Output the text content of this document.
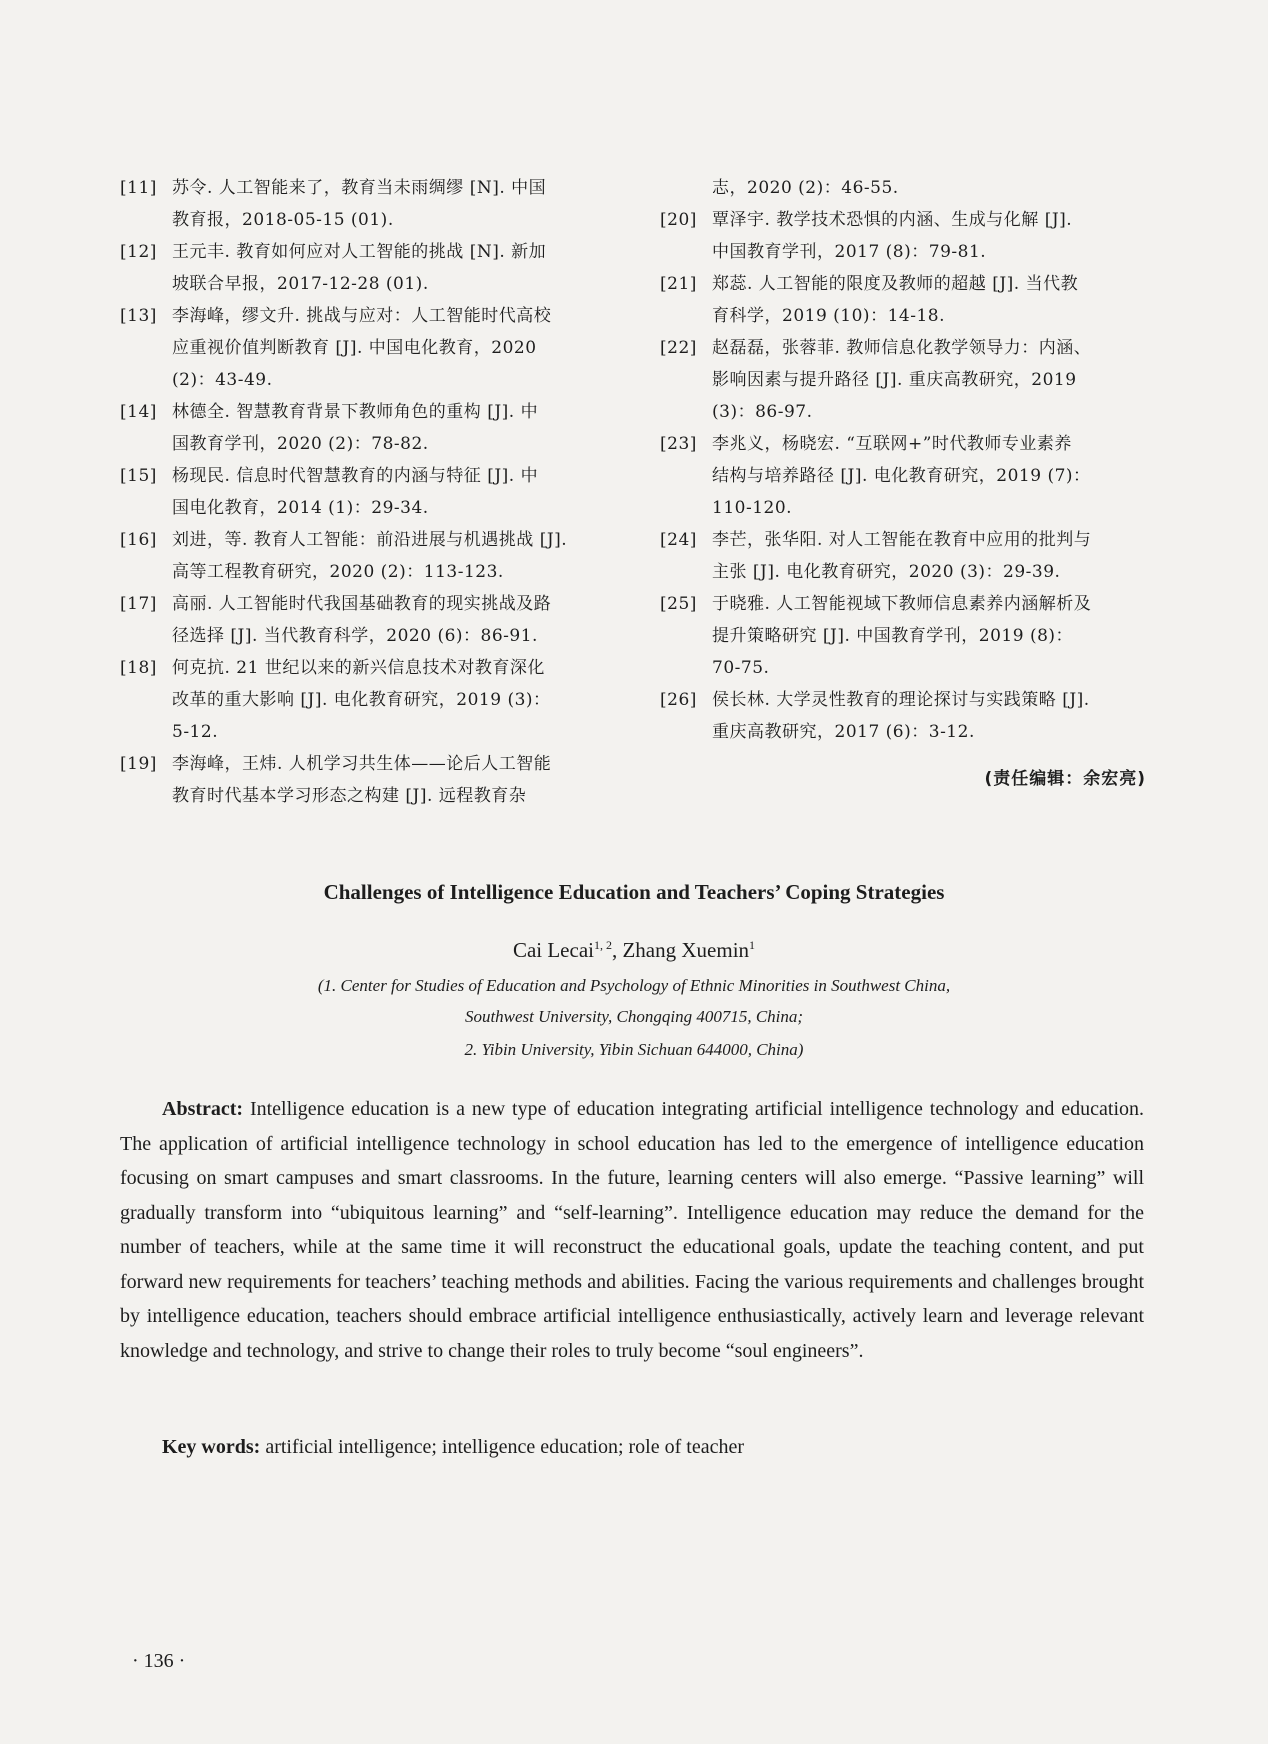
[11] 苏令. 人工智能来了，教育当未雨绸缪 [N]. 中国
教育报，2018-05-15 (01).

[12] 王元丰. 教育如何应对人工智能的挑战 [N]. 新加
坡联合早报，2017-12-28 (01).

[13] 李海峰，缪文升. 挑战与应对：人工智能时代高校
应重视价值判断教育 [J]. 中国电化教育，2020
(2)：43-49.

[14] 林德全. 智慧教育背景下教师角色的重构 [J]. 中
国教育学刊，2020 (2)：78-82.

[15] 杨现民. 信息时代智慧教育的内涵与特征 [J]. 中
国电化教育，2014 (1)：29-34.

[16] 刘进，等. 教育人工智能：前沿进展与机遇挑战 [J].
高等工程教育研究，2020 (2)：113-123.

[17] 高丽. 人工智能时代我国基础教育的现实挑战及路
径选择 [J]. 当代教育科学，2020 (6)：86-91.

[18] 何克抗. 21 世纪以来的新兴信息技术对教育深化
改革的重大影响 [J]. 电化教育研究，2019 (3)：
5-12.

[19] 李海峰，王炜. 人机学习共生体——论后人工智能
教育时代基本学习形态之构建 [J]. 远程教育杂

志，2020 (2)：46-55.

[20] 覃泽宇. 教学技术恐惧的内涵、生成与化解 [J].
中国教育学刊，2017 (8)：79-81.

[21] 郑蕊. 人工智能的限度及教师的超越 [J]. 当代教
育科学，2019 (10)：14-18.

[22] 赵磊磊，张蓉菲. 教师信息化教学领导力：内涵、
影响因素与提升路径 [J]. 重庆高教研究，2019
(3)：86-97.

[23] 李兆义，杨晓宏. “互联网+”时代教师专业素养
结构与培养路径 [J]. 电化教育研究，2019 (7)：
110-120.

[24] 李芒，张华阳. 对人工智能在教育中应用的批判与
主张 [J]. 电化教育研究，2020 (3)：29-39.

[25] 于晓雅. 人工智能视域下教师信息素养内涵解析及
提升策略研究 [J]. 中国教育学刊，2019 (8)：
70-75.

[26] 侯长林. 大学灵性教育的理论探讨与实践策略 [J].
重庆高教研究，2017 (6)：3-12.

(责任编辑：余宏亮)
Challenges of Intelligence Education and Teachers’ Coping Strategies
Cai Lecai$^{1, 2}$, Zhang Xuemin$^1$
(1. Center for Studies of Education and Psychology of Ethnic Minorities in Southwest China,
Southwest University, Chongqing 400715, China;
2. Yibin University, Yibin Sichuan 644000, China)

Abstract: Intelligence education is a new type of education integrating artificial intelligence technology and education. The application of artificial intelligence technology in school education has led to the emergence of intelligence education focusing on smart campuses and smart classrooms. In the future, learning centers will also emerge. “Passive learning” will gradually transform into “ubiquitous learning” and “self-learning”. Intelligence education may reduce the demand for the number of teachers, while at the same time it will reconstruct the educational goals, update the teaching content, and put forward new requirements for teachers’ teaching methods and abilities. Facing the various requirements and challenges brought by intelligence education, teachers should embrace artificial intelligence enthusiastically, actively learn and leverage relevant knowledge and technology, and strive to change their roles to truly become “soul engineers”.

Key words: artificial intelligence; intelligence education; role of teacher

· 136 ·
